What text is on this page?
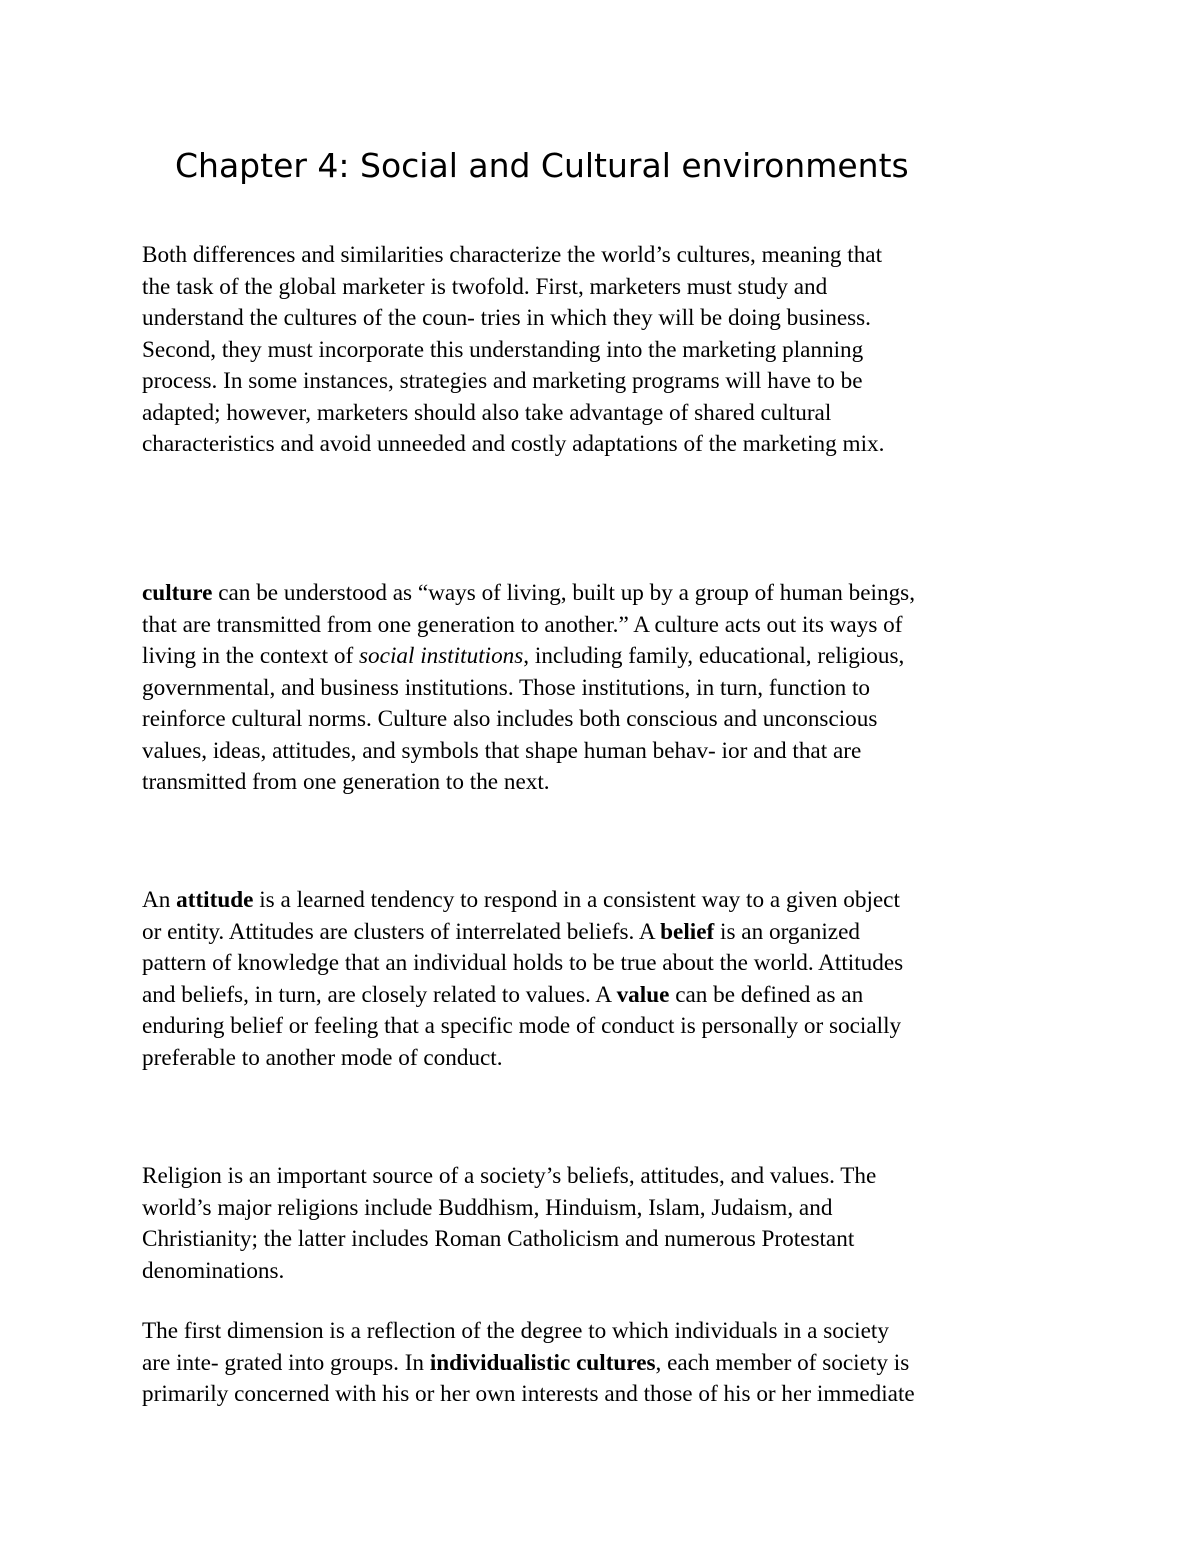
Chapter 4: Social and Cultural environments

Both differences and similarities characterize the world’s cultures, meaning that
the task of the global marketer is twofold. First, marketers must study and
understand the cultures of the coun- tries in which they will be doing business.
Second, they must incorporate this understanding into the marketing planning
process. In some instances, strategies and marketing programs will have to be
adapted; however, marketers should also take advantage of shared cultural
characteristics and avoid unneeded and costly adaptations of the marketing mix.

culture can be understood as “ways of living, built up by a group of human beings,
that are transmitted from one generation to another.” A culture acts out its ways of
living in the context of social institutions, including family, educational, religious,
governmental, and business institutions. Those institutions, in turn, function to
reinforce cultural norms. Culture also includes both conscious and unconscious
values, ideas, attitudes, and symbols that shape human behav- ior and that are
transmitted from one generation to the next.

An attitude is a learned tendency to respond in a consistent way to a given object
or entity. Attitudes are clusters of interrelated beliefs. A belief is an organized
pattern of knowledge that an individual holds to be true about the world. Attitudes
and beliefs, in turn, are closely related to values. A value can be defined as an
enduring belief or feeling that a specific mode of conduct is personally or socially
preferable to another mode of conduct.

Religion is an important source of a society’s beliefs, attitudes, and values. The
world’s major religions include Buddhism, Hinduism, Islam, Judaism, and
Christianity; the latter includes Roman Catholicism and numerous Protestant
denominations.

The first dimension is a reflection of the degree to which individuals in a society
are inte- grated into groups. In individualistic cultures, each member of society is
primarily concerned with his or her own interests and those of his or her immediate
